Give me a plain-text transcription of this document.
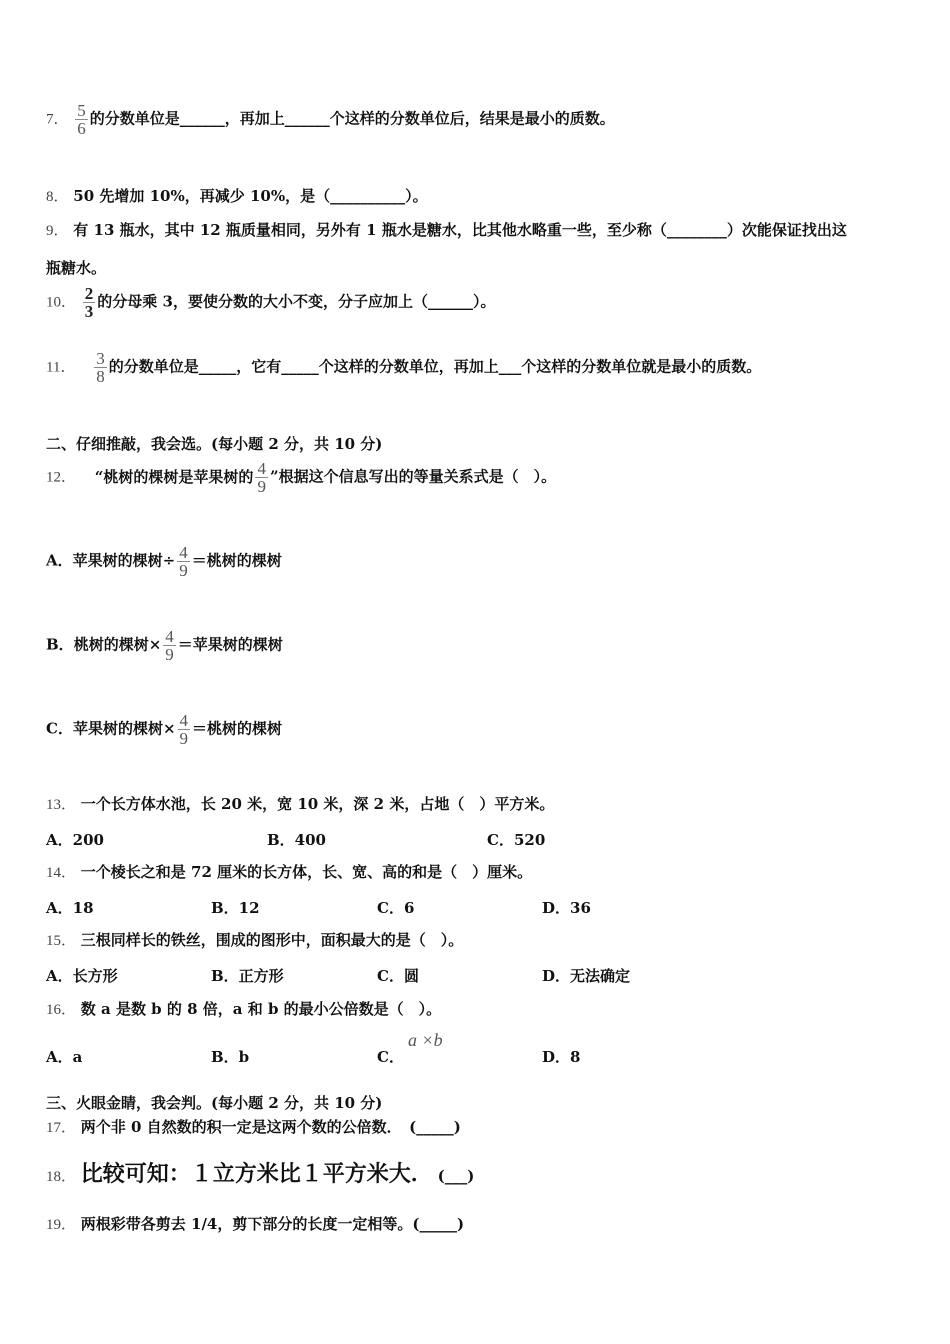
7． $\frac{5}{6}$ 的分数单位是______，再加上______个这样的分数单位后，结果是最小的质数。
8． 50 先增加 10%，再减少 10%，是（__________）。
9． 有 13 瓶水，其中 12 瓶质量相同，另外有 1 瓶水是糖水，比其他水略重一些，至少称（________）次能保证找出这
瓶糖水。
10． $\frac{2}{3}$ 的分母乘 3，要使分数的大小不变，分子应加上（______）。
11． $\frac{3}{8}$ 的分数单位是_____，它有_____个这样的分数单位，再加上___个这样的分数单位就是最小的质数。
二、仔细推敲，我会选。(每小题 2 分，共 10 分)
12． “桃树的棵树是苹果树的 $\frac{4}{9}$ ”根据这个信息写出的等量关系式是（　）。
A．苹果树的棵树÷ $\frac{4}{9}$ ＝桃树的棵树
B．桃树的棵树× $\frac{4}{9}$ ＝苹果树的棵树
C．苹果树的棵树× $\frac{4}{9}$ ＝桃树的棵树
13． 一个长方体水池，长 20 米，宽 10 米，深 2 米，占地（　）平方米。
A．200	B．400	C．520
14． 一个棱长之和是 72 厘米的长方体，长、宽、高的和是（　）厘米。
A．18	B．12	C．6	D．36
15． 三根同样长的铁丝，围成的图形中，面积最大的是（　）。
A．长方形	B．正方形	C．圆	D．无法确定
16． 数 a 是数 b 的 8 倍，a 和 b 的最小公倍数是（　）。
A．a	B．b	C．
a ×b
D．8
三、火眼金睛，我会判。(每小题 2 分，共 10 分)
17． 两个非 0 自然数的积一定是这两个数的公倍数．　(_____)
18． 比较可知：１立方米比１平方米大． (___)
19． 两根彩带各剪去 1/4，剪下部分的长度一定相等。(_____)
